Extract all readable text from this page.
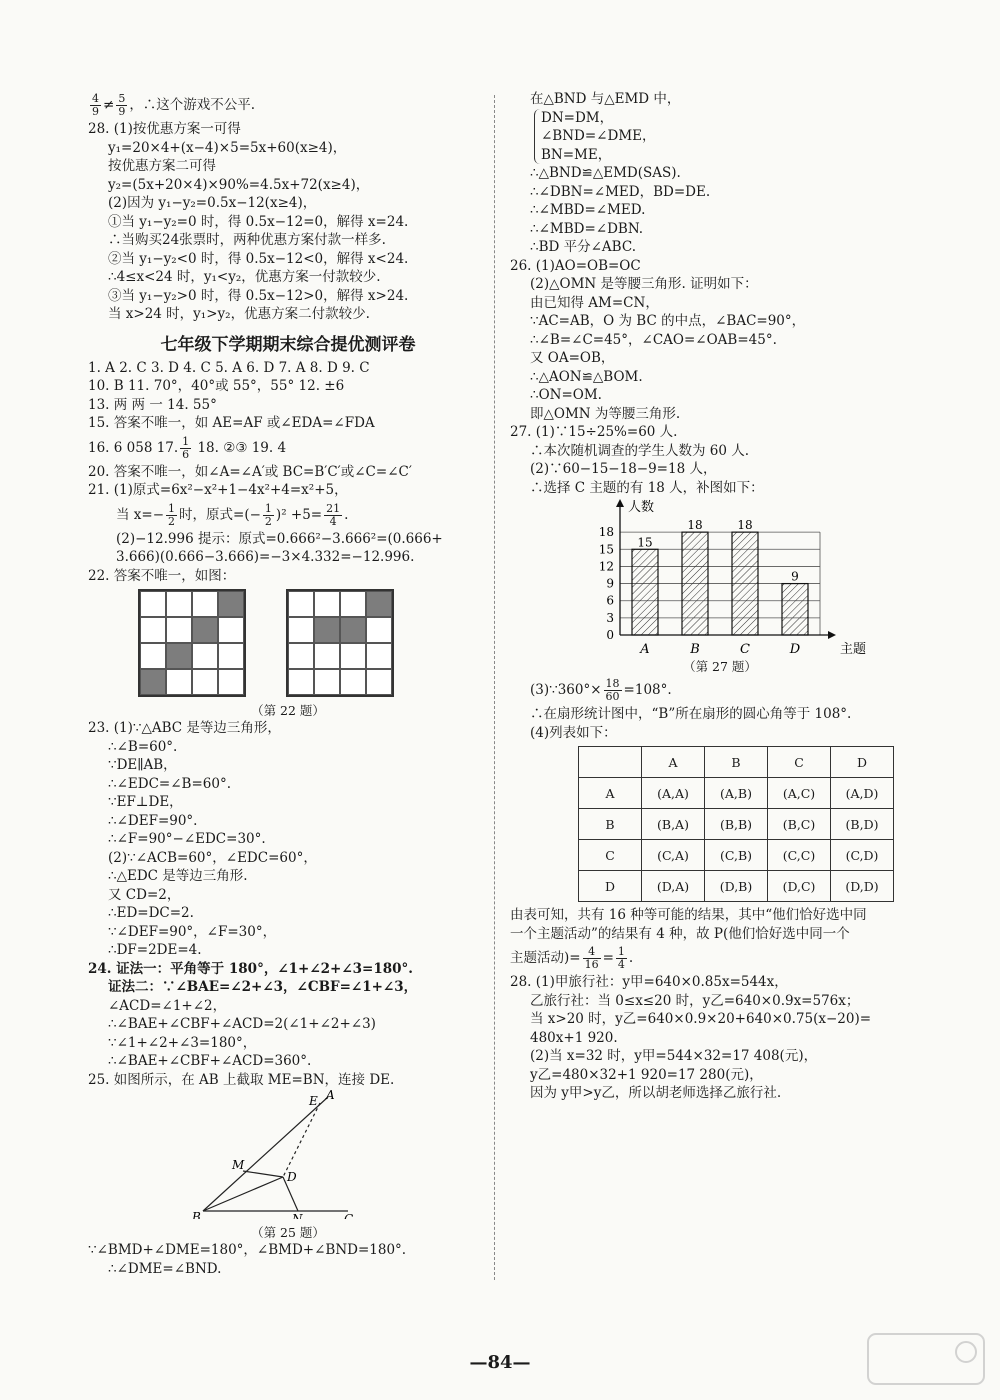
$\frac{4}{9} \ne \frac{5}{9}$ ，∴这个游戏不公平.
28. (1)按优惠方案一可得
y₁=20×4+(x−4)×5=5x+60(x≥4)，
按优惠方案二可得
y₂=(5x+20×4)×90%=4.5x+72(x≥4)，
(2)因为 y₁−y₂=0.5x−12(x≥4)，
①当 y₁−y₂=0 时，得 0.5x−12=0，解得 x=24.
∴当购买24张票时，两种优惠方案付款一样多.
②当 y₁−y₂<0 时，得 0.5x−12<0，解得 x<24.
∴4≤x<24 时，y₁<y₂，优惠方案一付款较少.
③当 y₁−y₂>0 时，得 0.5x−12>0，解得 x>24.
当 x>24 时，y₁>y₂，优惠方案二付款较少.
七年级下学期期末综合提优测评卷
1. A 2. C 3. D 4. C 5. A 6. D 7. A 8. D 9. C
10. B 11. 70°，40°或 55°，55° 12. ±6
13. 两 两 一 14. 55°
15. 答案不唯一，如 AE=AF 或∠EDA=∠FDA
16. 6 058 17. $\frac{1}{6} 18$. ②③ 19. 4
20. 答案不唯一，如∠A=∠A′或 BC=B′C′或∠C=∠C′
21. (1)原式=6x²−x²+1−4x²+4=x²+5，
当 $x=- \frac{1}{2}$ 时，原式=(− $\frac{1}{2} )^2 +5= \frac{21}{4}$ .
(2)−12.996 提示：原式=0.666²−3.666²=(0.666+
3.666)(0.666−3.666)=−3×4.332=−12.996.
22. 答案不唯一，如图：

（第 22 题）
23. (1)∵△ABC 是等边三角形，
∴∠B=60°.
∵DE∥AB，
∴∠EDC=∠B=60°.
∵EF⊥DE，
∴∠DEF=90°.
∴∠F=90°−∠EDC=30°.
(2)∵∠ACB=60°，∠EDC=60°，
∴△EDC 是等边三角形.
又 CD=2，
∴ED=DC=2.
∵∠DEF=90°，∠F=30°，
∴DF=2DE=4.
24. 证法一：平角等于 180°，∠1+∠2+∠3=180°.
证法二：∵∠BAE=∠2+∠3，∠CBF=∠1+∠3，
∠ACD=∠1+∠2，
∴∠BAE+∠CBF+∠ACD=2(∠1+∠2+∠3)
∵∠1+∠2+∠3=180°，
∴∠BAE+∠CBF+∠ACD=360°.
25. 如图所示，在 AB 上截取 ME=BN，连接 DE.
E A
M
D
B	N	C
（第 25 题）
∵∠BMD+∠DME=180°，∠BMD+∠BND=180°.
∴∠DME=∠BND.
在△BND 与△EMD 中，
DN=DM，
∠BND=∠DME，
BN=ME，
∴△BND≌△EMD(SAS).
∴∠DBN=∠MED，BD=DE.
∴∠MBD=∠MED.
∴∠MBD=∠DBN.
∴BD 平分∠ABC.
26. (1)AO=OB=OC
(2)△OMN 是等腰三角形. 证明如下：
由已知得 AM=CN，
∵AC=AB，O 为 BC 的中点，∠BAC=90°，
∴∠B=∠C=45°，∠CAO=∠OAB=45°.
又 OA=OB，
∴△AON≌△BOM.
∴ON=OM.
即△OMN 为等腰三角形.
27. (1)∵15÷25%=60 人.
∴本次随机调查的学生人数为 60 人.
(2)∵60−15−18−9=18 人，
∴选择 C 主题的有 18 人，补图如下：
0
3
6
9
12
15
18
人数
主题
15
A
18
B
18
C
9
D
（第 27 题）
(3)∵360°× $\frac{18}{60} =108^\circ$.
∴在扇形统计图中，“B”所在扇形的圆心角等于 108°.
(4)列表如下：
	A	B	C	D
A	(A,A)	(A,B)	(A,C)	(A,D)
B	(B,A)	(B,B)	(B,C)	(B,D)
C	(C,A)	(C,B)	(C,C)	(C,D)
D	(D,A)	(D,B)	(D,C)	(D,D)
由表可知，共有 16 种等可能的结果，其中“他们恰好选中同
一个主题活动”的结果有 4 种，故 P(他们恰好选中同一个
主题活动)= $\frac{4}{16} = \frac{1}{4}$ .
28. (1)甲旅行社：y甲=640×0.85x=544x，
乙旅行社：当 0≤x≤20 时，y乙=640×0.9x=576x；
当 x>20 时，y乙=640×0.9×20+640×0.75(x−20)=
480x+1 920.
(2)当 x=32 时，y甲=544×32=17 408(元)，
y乙=480×32+1 920=17 280(元)，
因为 y甲>y乙，所以胡老师选择乙旅行社.
—84—
